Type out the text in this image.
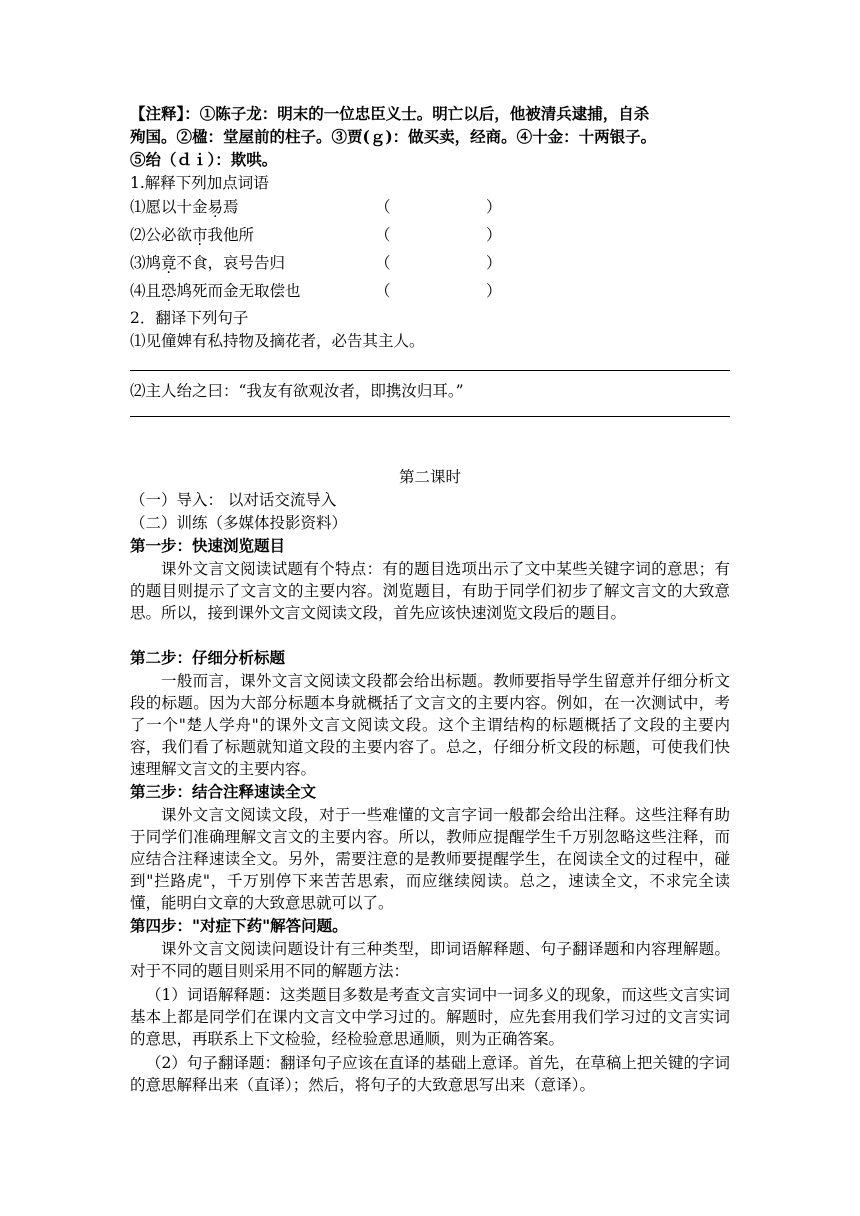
【注释】：①陈子龙：明末的一位忠臣义士。明亡以后，他被清兵逮捕，自杀
殉国。②楹：堂屋前的柱子。③贾(ｇ)：做买卖，经商。④十金：十两银子。
⑤绐（ｄｉ）：欺哄。
1.解释下列加点词语
⑴愿以十金易焉	（	）
⑵公必欲市我他所	（	）
⑶鸠竟不食，哀号告归	（	）
⑷且恐鸠死而金无取偿也	（	）
2．翻译下列句子
⑴见僮婢有私持物及摘花者，必告其主人。
⑵主人绐之曰：“我友有欲观汝者，即携汝归耳。”
第二课时
（一）导入： 以对话交流导入
（二）训练（多媒体投影资料）
第一步：快速浏览题目
课外文言文阅读试题有个特点：有的题目选项出示了文中某些关键字词的意思；有的题目则提示了文言文的主要内容。浏览题目，有助于同学们初步了解文言文的大致意思。所以，接到课外文言文阅读文段，首先应该快速浏览文段后的题目。
第二步：仔细分析标题
一般而言，课外文言文阅读文段都会给出标题。教师要指导学生留意并仔细分析文段的标题。因为大部分标题本身就概括了文言文的主要内容。例如，在一次测试中，考了一个"楚人学舟"的课外文言文阅读文段。这个主谓结构的标题概括了文段的主要内容，我们看了标题就知道文段的主要内容了。总之，仔细分析文段的标题，可使我们快速理解文言文的主要内容。
第三步：结合注释速读全文
课外文言文阅读文段，对于一些难懂的文言字词一般都会给出注释。这些注释有助于同学们准确理解文言文的主要内容。所以，教师应提醒学生千万别忽略这些注释，而应结合注释速读全文。另外，需要注意的是教师要提醒学生，在阅读全文的过程中，碰到"拦路虎"，千万别停下来苦苦思索，而应继续阅读。总之，速读全文，不求完全读懂，能明白文章的大致意思就可以了。
第四步："对症下药"解答问题。
课外文言文阅读问题设计有三种类型，即词语解释题、句子翻译题和内容理解题。对于不同的题目则采用不同的解题方法：
（1）词语解释题：这类题目多数是考查文言实词中一词多义的现象，而这些文言实词基本上都是同学们在课内文言文中学习过的。解题时，应先套用我们学习过的文言实词的意思，再联系上下文检验，经检验意思通顺，则为正确答案。
（2）句子翻译题：翻译句子应该在直译的基础上意译。首先，在草稿上把关键的字词的意思解释出来（直译）；然后，将句子的大致意思写出来（意译）。
